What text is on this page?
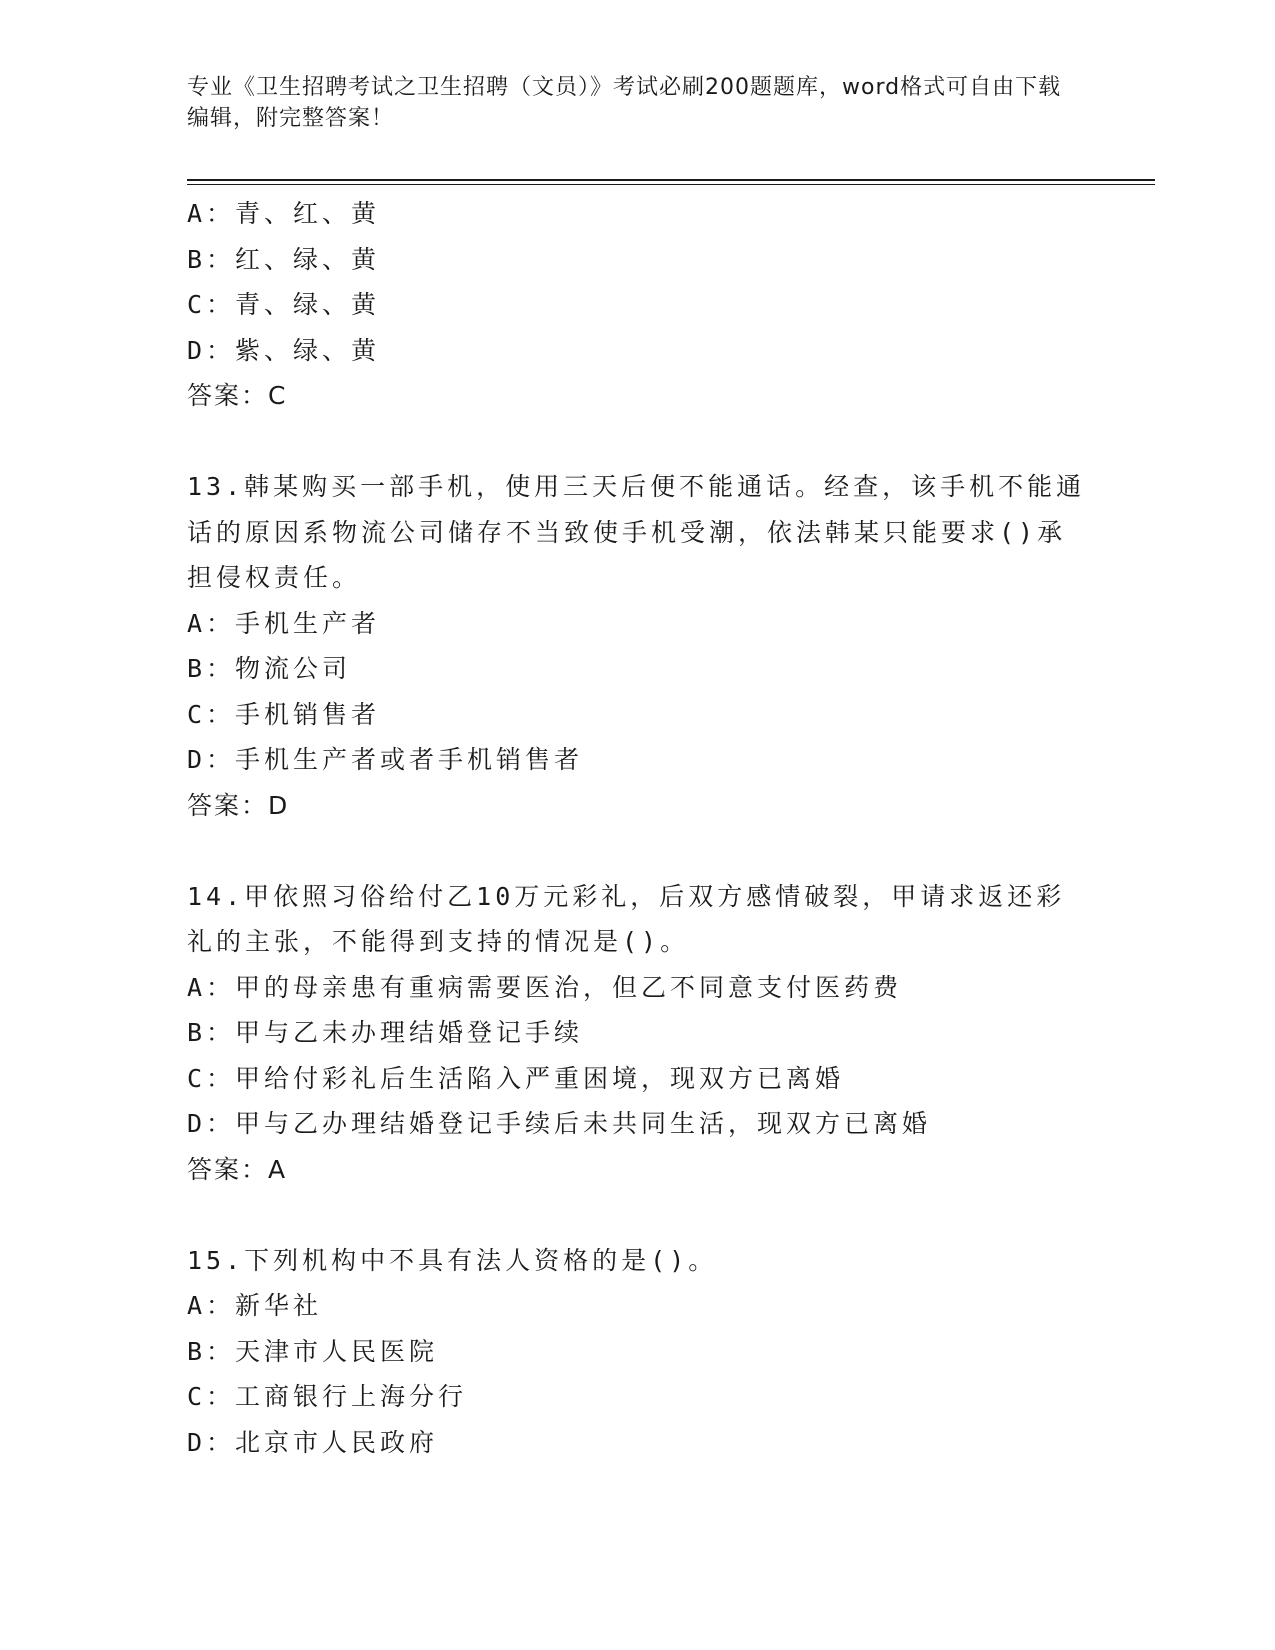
专业《卫生招聘考试之卫生招聘（文员）》考试必刷200题题库，word格式可自由下载编辑，附完整答案！
A：青、红、黄
B：红、绿、黄
C：青、绿、黄
D：紫、绿、黄
答案：C
13.韩某购买一部手机，使用三天后便不能通话。经查，该手机不能通话的原因系物流公司储存不当致使手机受潮，依法韩某只能要求()承担侵权责任。
A：手机生产者
B：物流公司
C：手机销售者
D：手机生产者或者手机销售者
答案：D
14.甲依照习俗给付乙10万元彩礼，后双方感情破裂，甲请求返还彩礼的主张，不能得到支持的情况是()。
A：甲的母亲患有重病需要医治，但乙不同意支付医药费
B：甲与乙未办理结婚登记手续
C：甲给付彩礼后生活陷入严重困境，现双方已离婚
D：甲与乙办理结婚登记手续后未共同生活，现双方已离婚
答案：A
15.下列机构中不具有法人资格的是()。
A：新华社
B：天津市人民医院
C：工商银行上海分行
D：北京市人民政府
